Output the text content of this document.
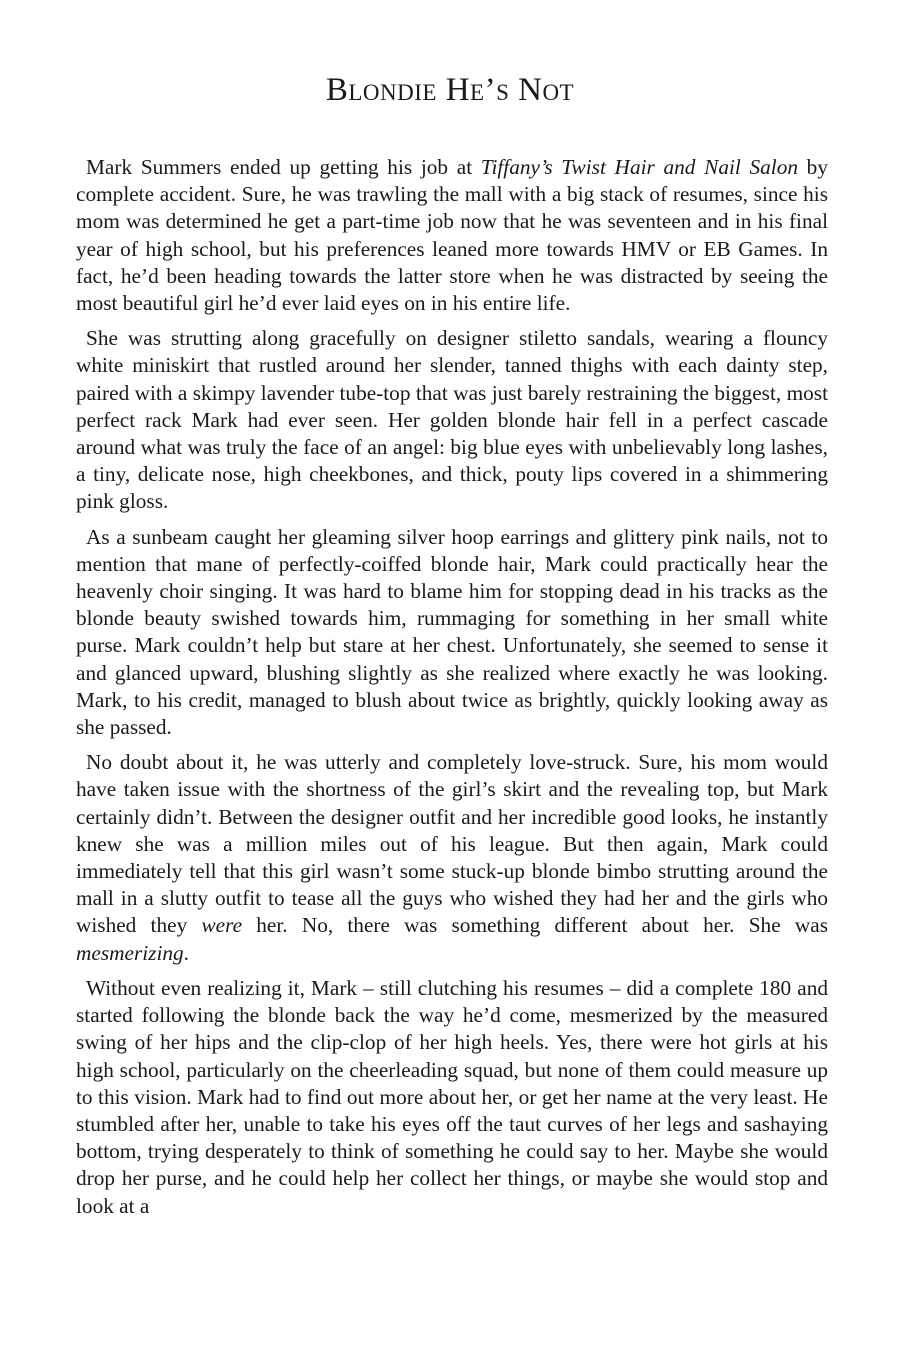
Blondie He’s Not

Mark Summers ended up getting his job at Tiffany’s Twist Hair and Nail Salon by complete accident. Sure, he was trawling the mall with a big stack of resumes, since his mom was determined he get a part-time job now that he was seventeen and in his final year of high school, but his preferences leaned more towards HMV or EB Games. In fact, he’d been heading towards the latter store when he was distracted by seeing the most beautiful girl he’d ever laid eyes on in his entire life.

She was strutting along gracefully on designer stiletto sandals, wearing a flouncy white miniskirt that rustled around her slender, tanned thighs with each dainty step, paired with a skimpy lavender tube-top that was just barely restraining the biggest, most perfect rack Mark had ever seen. Her golden blonde hair fell in a perfect cascade around what was truly the face of an angel: big blue eyes with unbelievably long lashes, a tiny, delicate nose, high cheekbones, and thick, pouty lips covered in a shimmering pink gloss.

As a sunbeam caught her gleaming silver hoop earrings and glittery pink nails, not to mention that mane of perfectly-coiffed blonde hair, Mark could practically hear the heavenly choir singing. It was hard to blame him for stopping dead in his tracks as the blonde beauty swished towards him, rummaging for something in her small white purse. Mark couldn’t help but stare at her chest. Unfortunately, she seemed to sense it and glanced upward, blushing slightly as she realized where exactly he was looking. Mark, to his credit, managed to blush about twice as brightly, quickly looking away as she passed.

No doubt about it, he was utterly and completely love-struck. Sure, his mom would have taken issue with the shortness of the girl’s skirt and the revealing top, but Mark certainly didn’t. Between the designer outfit and her incredible good looks, he instantly knew she was a million miles out of his league. But then again, Mark could immediately tell that this girl wasn’t some stuck-up blonde bimbo strutting around the mall in a slutty outfit to tease all the guys who wished they had her and the girls who wished they were her. No, there was something different about her. She was mesmerizing.

Without even realizing it, Mark – still clutching his resumes – did a complete 180 and started following the blonde back the way he’d come, mesmerized by the measured swing of her hips and the clip-clop of her high heels. Yes, there were hot girls at his high school, particularly on the cheerleading squad, but none of them could measure up to this vision. Mark had to find out more about her, or get her name at the very least. He stumbled after her, unable to take his eyes off the taut curves of her legs and sashaying bottom, trying desperately to think of something he could say to her. Maybe she would drop her purse, and he could help her collect her things, or maybe she would stop and look at a
